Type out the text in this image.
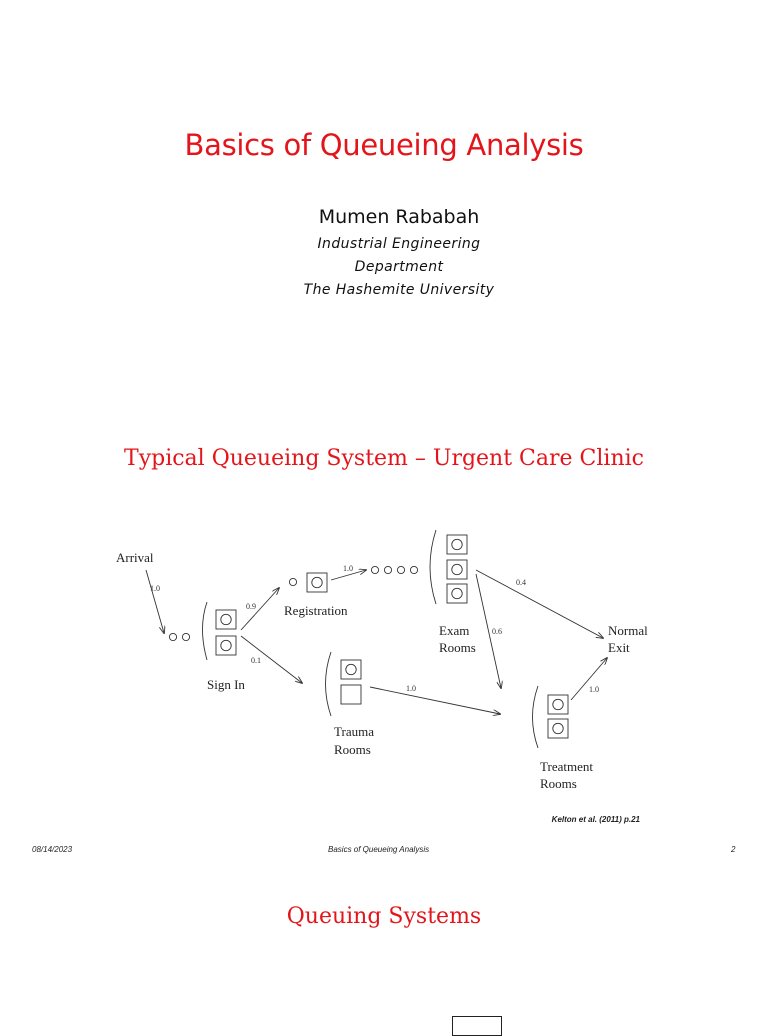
Basics of Queueing Analysis
Mumen Rababah
Industrial Engineering
Department
The Hashemite University
Typical Queueing System – Urgent Care Clinic
Arrival
Sign In
Registration
Exam
Rooms
Trauma
Rooms
Treatment
Rooms
Normal
Exit
1.0
0.9
0.1
1.0
0.4
0.6
1.0	1.0
Kelton et al. (2011) p.21
08/14/2023	Basics of Queueing Analysis	2
Queuing Systems
